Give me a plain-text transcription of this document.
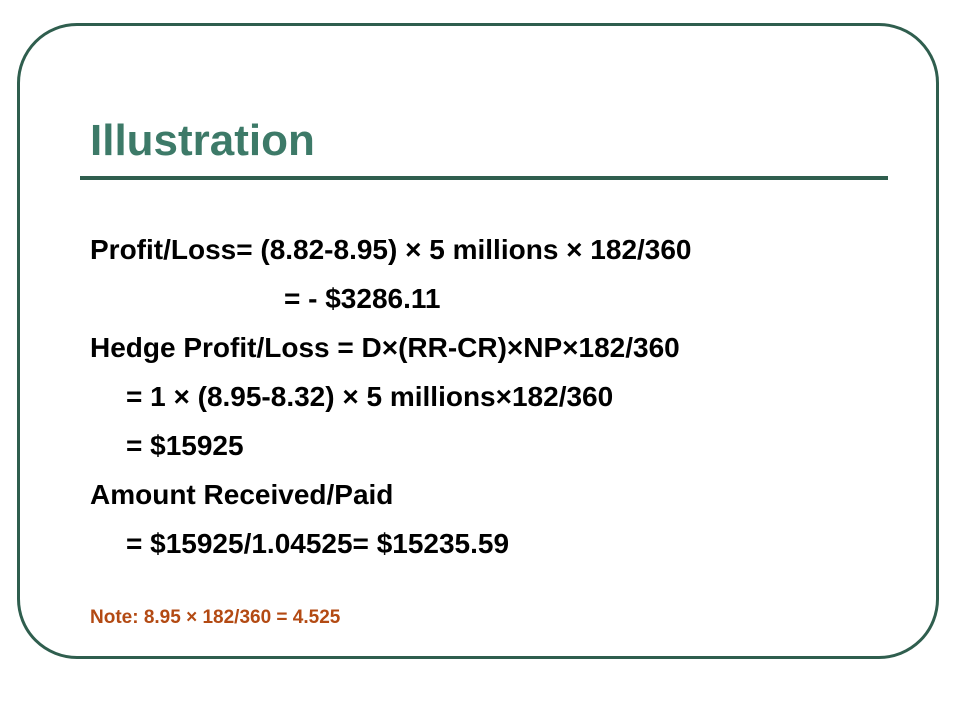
Illustration
Profit/Loss= (8.82-8.95) × 5 millions × 182/360
= - $3286.11
Hedge Profit/Loss = D×(RR-CR)×NP×182/360
= 1 × (8.95-8.32) × 5 millions×182/360
= $15925
Amount Received/Paid
= $15925/1.04525= $15235.59
Note: 8.95 × 182/360 = 4.525
